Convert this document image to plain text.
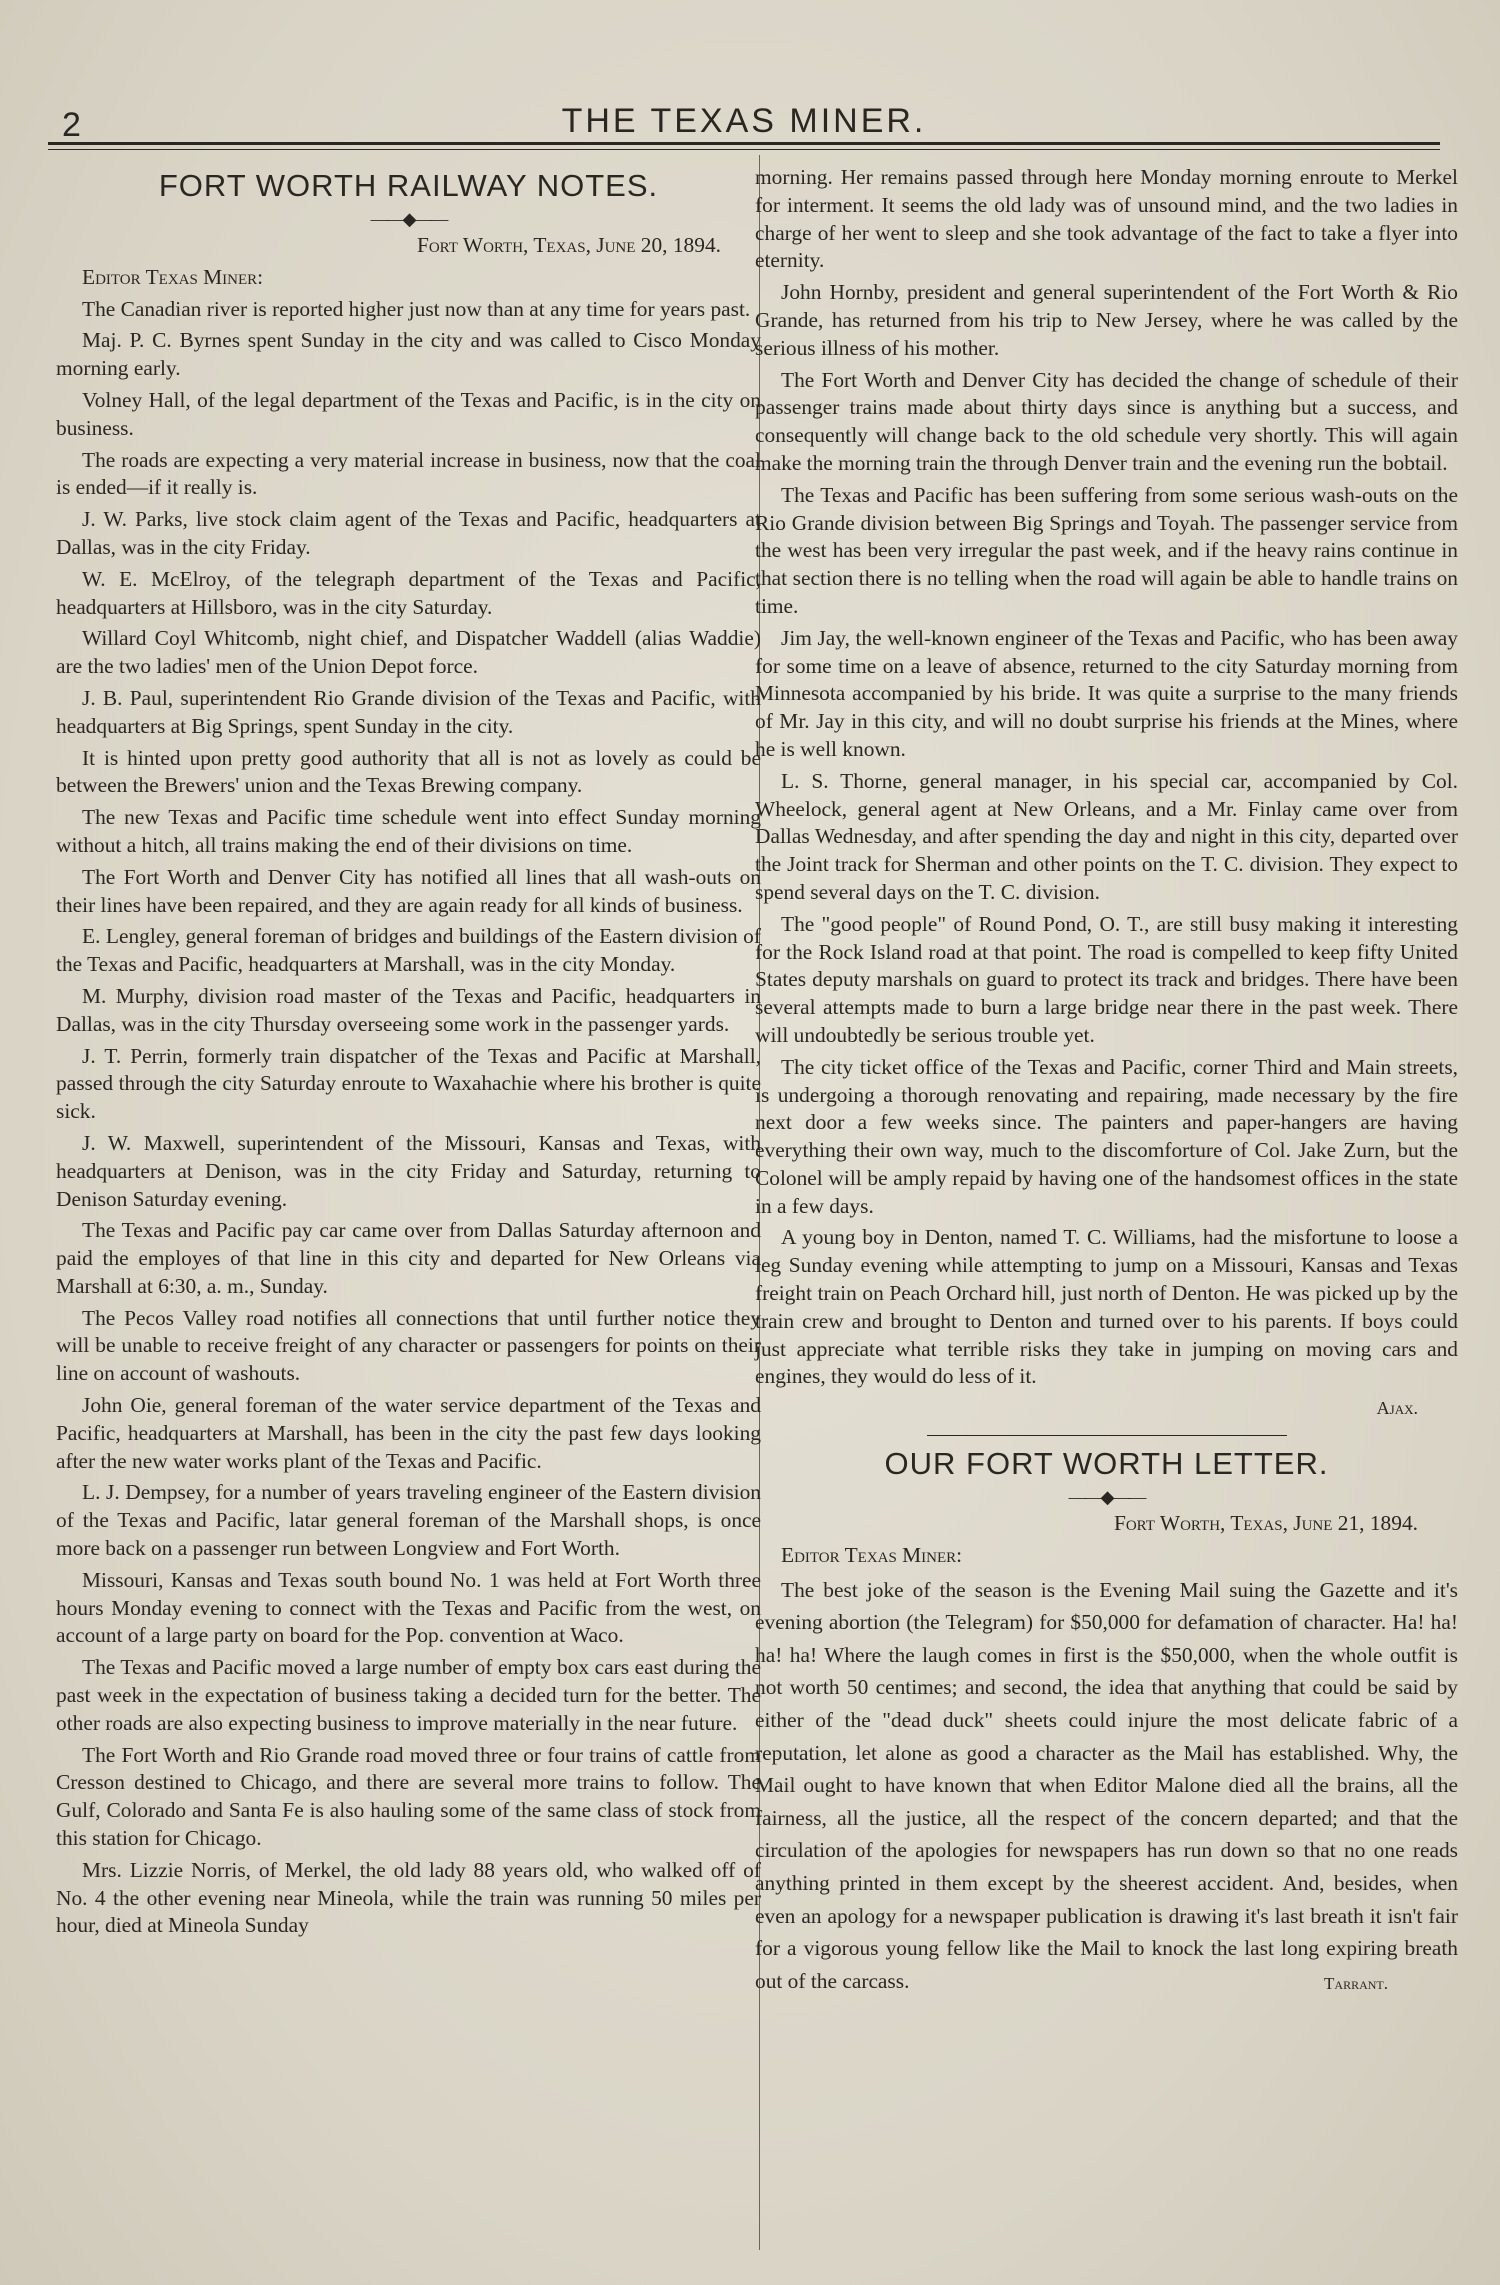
2	THE TEXAS MINER.
FORT WORTH RAILWAY NOTES.
——◆——
Fort Worth, Texas, June 20, 1894.

Editor Texas Miner:

The Canadian river is reported higher just now than at any time for years past.

Maj. P. C. Byrnes spent Sunday in the city and was called to Cisco Monday morning early.

Volney Hall, of the legal department of the Texas and Pacific, is in the city on business.

The roads are expecting a very material increase in business, now that the coal is ended—if it really is.

J. W. Parks, live stock claim agent of the Texas and Pacific, headquarters at Dallas, was in the city Friday.

W. E. McElroy, of the telegraph department of the Texas and Pacific, headquarters at Hillsboro, was in the city Saturday.

Willard Coyl Whitcomb, night chief, and Dispatcher Waddell (alias Waddie) are the two ladies' men of the Union Depot force.

J. B. Paul, superintendent Rio Grande division of the Texas and Pacific, with headquarters at Big Springs, spent Sunday in the city.

It is hinted upon pretty good authority that all is not as lovely as could be between the Brewers' union and the Texas Brewing company.

The new Texas and Pacific time schedule went into effect Sunday morning without a hitch, all trains making the end of their divisions on time.

The Fort Worth and Denver City has notified all lines that all wash-outs on their lines have been repaired, and they are again ready for all kinds of business.

E. Lengley, general foreman of bridges and buildings of the Eastern division of the Texas and Pacific, headquarters at Marshall, was in the city Monday.

M. Murphy, division road master of the Texas and Pacific, headquarters in Dallas, was in the city Thursday overseeing some work in the passenger yards.

J. T. Perrin, formerly train dispatcher of the Texas and Pacific at Marshall, passed through the city Saturday enroute to Waxahachie where his brother is quite sick.

J. W. Maxwell, superintendent of the Missouri, Kansas and Texas, with headquarters at Denison, was in the city Friday and Saturday, returning to Denison Saturday evening.

The Texas and Pacific pay car came over from Dallas Saturday afternoon and paid the employes of that line in this city and departed for New Orleans via Marshall at 6:30, a. m., Sunday.

The Pecos Valley road notifies all connections that until further notice they will be unable to receive freight of any character or passengers for points on their line on account of washouts.

John Oie, general foreman of the water service department of the Texas and Pacific, headquarters at Marshall, has been in the city the past few days looking after the new water works plant of the Texas and Pacific.

L. J. Dempsey, for a number of years traveling engineer of the Eastern division of the Texas and Pacific, latar general foreman of the Marshall shops, is once more back on a passenger run between Longview and Fort Worth.

Missouri, Kansas and Texas south bound No. 1 was held at Fort Worth three hours Monday evening to connect with the Texas and Pacific from the west, on account of a large party on board for the Pop. convention at Waco.

The Texas and Pacific moved a large number of empty box cars east during the past week in the expectation of business taking a decided turn for the better. The other roads are also expecting business to improve materially in the near future.

The Fort Worth and Rio Grande road moved three or four trains of cattle from Cresson destined to Chicago, and there are several more trains to follow. The Gulf, Colorado and Santa Fe is also hauling some of the same class of stock from this station for Chicago.

Mrs. Lizzie Norris, of Merkel, the old lady 88 years old, who walked off of No. 4 the other evening near Mineola, while the train was running 50 miles per hour, died at Mineola Sunday

morning. Her remains passed through here Monday morning enroute to Merkel for interment. It seems the old lady was of unsound mind, and the two ladies in charge of her went to sleep and she took advantage of the fact to take a flyer into eternity.

John Hornby, president and general superintendent of the Fort Worth & Rio Grande, has returned from his trip to New Jersey, where he was called by the serious illness of his mother.

The Fort Worth and Denver City has decided the change of schedule of their passenger trains made about thirty days since is anything but a success, and consequently will change back to the old schedule very shortly. This will again make the morning train the through Denver train and the evening run the bobtail.

The Texas and Pacific has been suffering from some serious wash-outs on the Rio Grande division between Big Springs and Toyah. The passenger service from the west has been very irregular the past week, and if the heavy rains continue in that section there is no telling when the road will again be able to handle trains on time.

Jim Jay, the well-known engineer of the Texas and Pacific, who has been away for some time on a leave of absence, returned to the city Saturday morning from Minnesota accompanied by his bride. It was quite a surprise to the many friends of Mr. Jay in this city, and will no doubt surprise his friends at the Mines, where he is well known.

L. S. Thorne, general manager, in his special car, accompanied by Col. Wheelock, general agent at New Orleans, and a Mr. Finlay came over from Dallas Wednesday, and after spending the day and night in this city, departed over the Joint track for Sherman and other points on the T. C. division. They expect to spend several days on the T. C. division.

The "good people" of Round Pond, O. T., are still busy making it interesting for the Rock Island road at that point. The road is compelled to keep fifty United States deputy marshals on guard to protect its track and bridges. There have been several attempts made to burn a large bridge near there in the past week. There will undoubtedly be serious trouble yet.

The city ticket office of the Texas and Pacific, corner Third and Main streets, is undergoing a thorough renovating and repairing, made necessary by the fire next door a few weeks since. The painters and paper-hangers are having everything their own way, much to the discomforture of Col. Jake Zurn, but the Colonel will be amply repaid by having one of the handsomest offices in the state in a few days.

A young boy in Denton, named T. C. Williams, had the misfortune to loose a leg Sunday evening while attempting to jump on a Missouri, Kansas and Texas freight train on Peach Orchard hill, just north of Denton. He was picked up by the train crew and brought to Denton and turned over to his parents. If boys could just appreciate what terrible risks they take in jumping on moving cars and engines, they would do less of it.

Ajax.
OUR FORT WORTH LETTER.
——◆——
Fort Worth, Texas, June 21, 1894.

Editor Texas Miner:

The best joke of the season is the Evening Mail suing the Gazette and it's evening abortion (the Telegram) for $50,000 for defamation of character. Ha! ha! ha! ha! Where the laugh comes in first is the $50,000, when the whole outfit is not worth 50 centimes; and second, the idea that anything that could be said by either of the "dead duck" sheets could injure the most delicate fabric of a reputation, let alone as good a character as the Mail has established. Why, the Mail ought to have known that when Editor Malone died all the brains, all the fairness, all the justice, all the respect of the concern departed; and that the circulation of the apologies for newspapers has run down so that no one reads anything printed in them except by the sheerest accident. And, besides, when even an apology for a newspaper publication is drawing it's last breath it isn't fair for a vigorous young fellow like the Mail to knock the last long expiring breath out of the carcass.	Tarrant.
